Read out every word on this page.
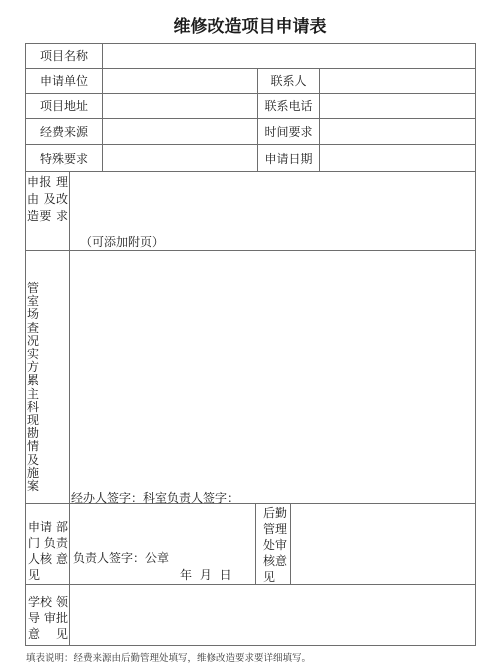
维修改造项目申请表
项目名称
申请单位	联系人
项目地址	联系电话
经费来源	时间要求
特殊要求	申请日期
申报 理由 及改造要 求
（可添加附页）
管室场查况实方累 主科现勘情及施案
经办人签字：科室负责人签字：
申请 部门 负责人核 意见
负责人签字：公章
年 月 日
后勤管理处审核意见
学校 领导 审批意见
填表说明：经费来源由后勤管理处填写，维修改造要求要详细填写。
